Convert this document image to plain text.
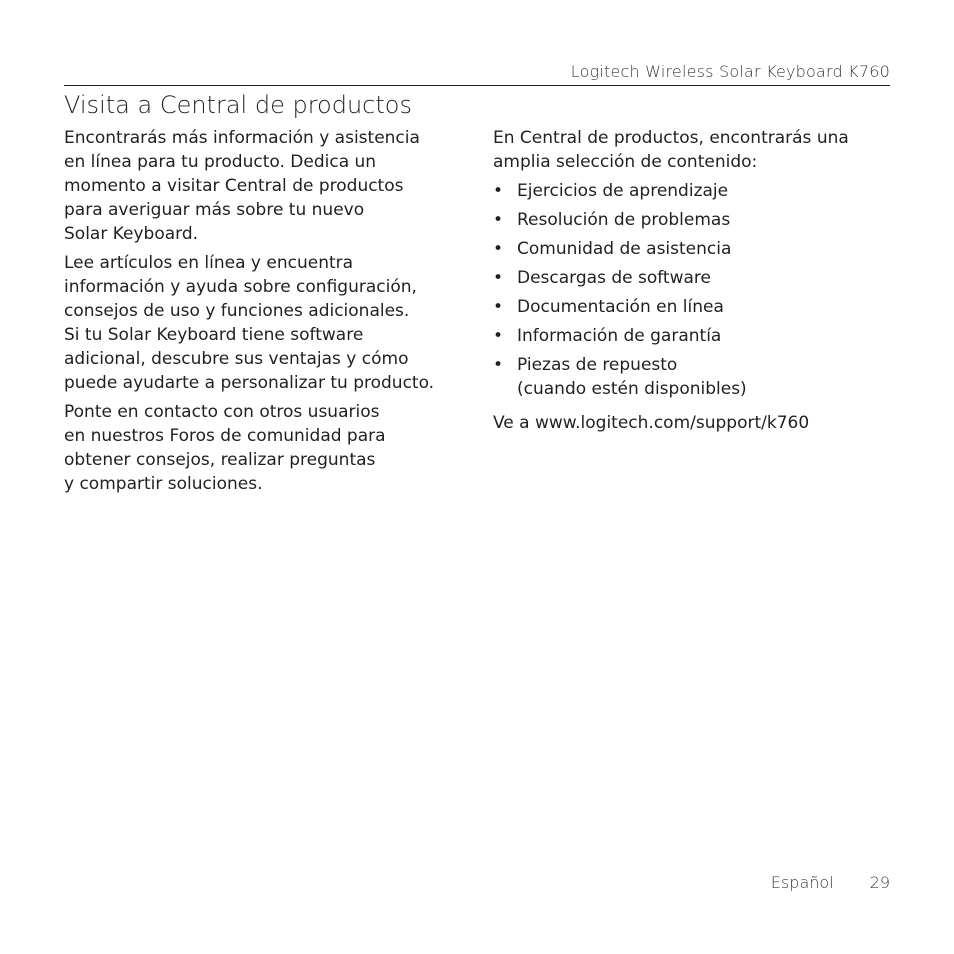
Logitech Wireless Solar Keyboard K760
Visita a Central de productos

Encontrarás más información y asistencia
en línea para tu producto. Dedica un
momento a visitar Central de productos
para averiguar más sobre tu nuevo
Solar Keyboard.

Lee artículos en línea y encuentra
información y ayuda sobre configuración,
consejos de uso y funciones adicionales.
Si tu Solar Keyboard tiene software
adicional, descubre sus ventajas y cómo
puede ayudarte a personalizar tu producto.

Ponte en contacto con otros usuarios
en nuestros Foros de comunidad para
obtener consejos, realizar preguntas
y compartir soluciones.

En Central de productos, encontrarás una
amplia selección de contenido:

• Ejercicios de aprendizaje
• Resolución de problemas
• Comunidad de asistencia
• Descargas de software
• Documentación en línea
• Información de garantía
• Piezas de repuesto
(cuando estén disponibles)
Ve a www.logitech.com/support/k760
Español 29
